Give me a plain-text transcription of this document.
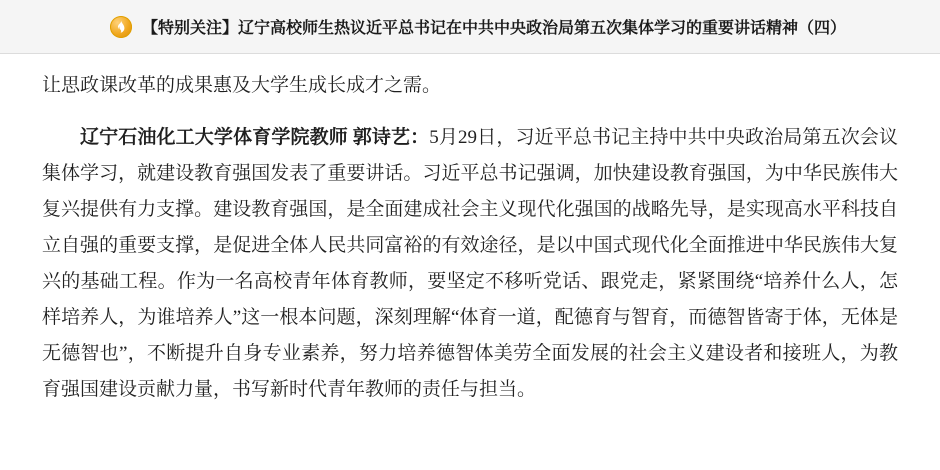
【特别关注】辽宁高校师生热议近平总书记在中共中央政治局第五次集体学习的重要讲话精神（四）

让思政课改革的成果惠及大学生成长成才之需。

辽宁石油化工大学体育学院教师 郭诗艺：5月29日，习近平总书记主持中共中央政治局第五次会议集体学习，就建设教育强国发表了重要讲话。习近平总书记强调，加快建设教育强国，为中华民族伟大复兴提供有力支撑。建设教育强国，是全面建成社会主义现代化强国的战略先导，是实现高水平科技自立自强的重要支撑，是促进全体人民共同富裕的有效途径，是以中国式现代化全面推进中华民族伟大复兴的基础工程。作为一名高校青年体育教师，要坚定不移听党话、跟党走，紧紧围绕“培养什么人，怎样培养人，为谁培养人”这一根本问题，深刻理解“体育一道，配德育与智育，而德智皆寄于体，无体是无德智也”，不断提升自身专业素养，努力培养德智体美劳全面发展的社会主义建设者和接班人，为教育强国建设贡献力量，书写新时代青年教师的责任与担当。
